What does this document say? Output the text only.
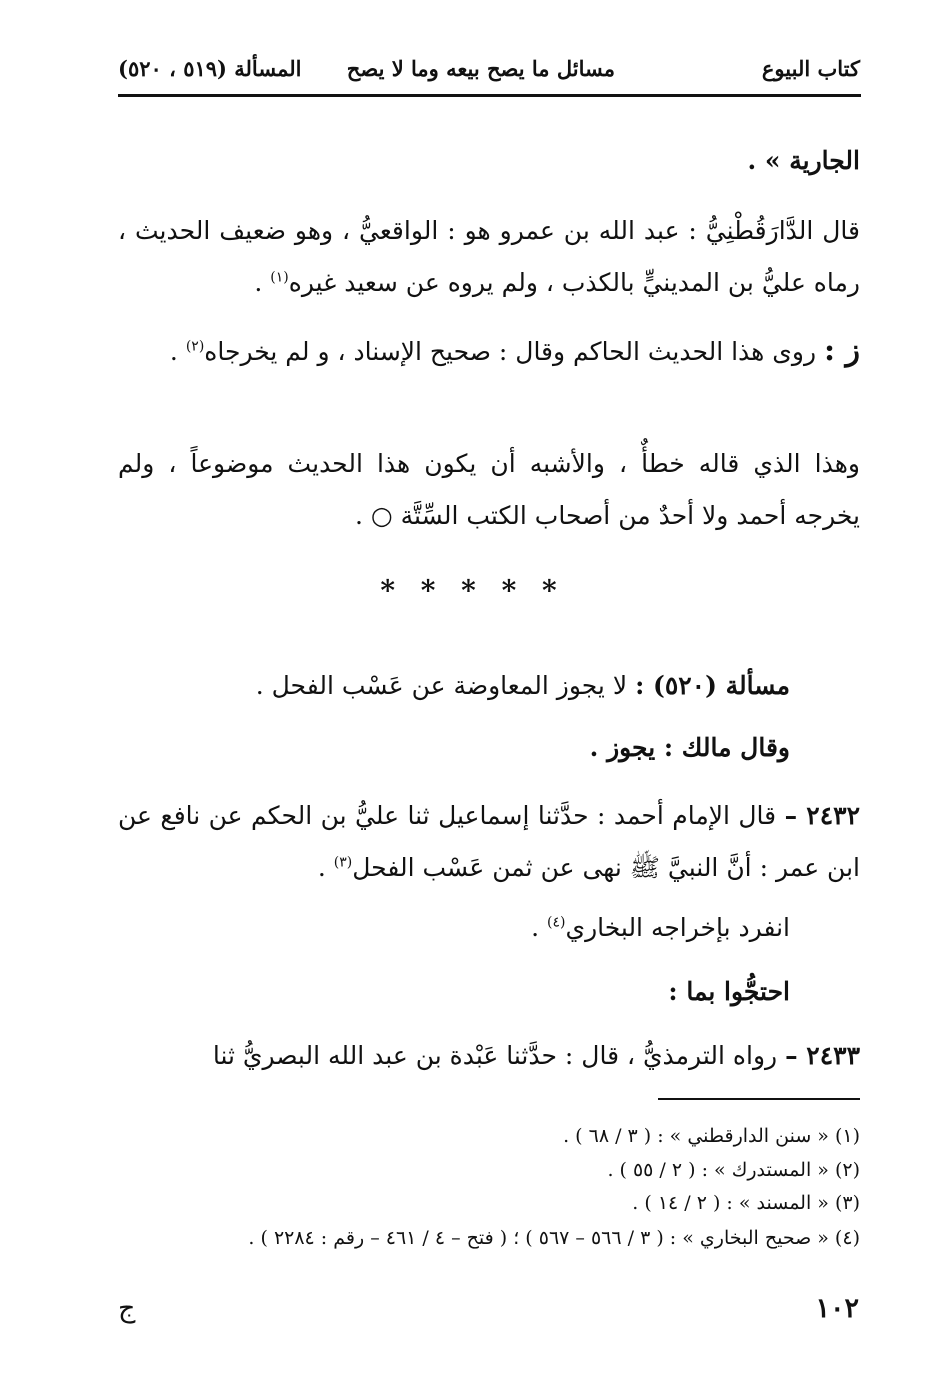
كتاب البيوع
مسائل ما يصح بيعه وما لا يصح
المسألة (٥١٩ ، ٥٢٠)
الجارية » .
قال الدَّارَقُطْنِيُّ : عبد الله بن عمرو هو : الواقعيُّ ، وهو ضعيف الحديث ، رماه عليُّ بن المدينيٍّ بالكذب ، ولم يروه عن سعيد غيره$^{(١)}$ .
ز : روى هذا الحديث الحاكم وقال : صحيح الإسناد ، و لم يخرجاه$^{(٢)}$ .
وهذا الذي قاله خطأٌ ، والأشبه أن يكون هذا الحديث موضوعاً ، ولم يخرجه أحمد ولا أحدٌ من أصحاب الكتب السِّتَّة ○ .
* * * * *
مسألة (٥٢٠) : لا يجوز المعاوضة عن عَسْب الفحل .
وقال مالك : يجوز .
٢٤٣٢ – قال الإمام أحمد : حدَّثنا إسماعيل ثنا عليُّ بن الحكم عن نافع عن ابن عمر : أنَّ النبيَّ ﷺ نهى عن ثمن عَسْب الفحل$^{(٣)}$ .
انفرد بإخراجه البخاري$^{(٤)}$ .
احتجُّوا بما :
٢٤٣٣ – رواه الترمذيُّ ، قال : حدَّثنا عَبْدة بن عبد الله البصريُّ ثنا
(١) « سنن الدارقطني » : ( ٣ / ٦٨ ) .
(٢) « المستدرك » : ( ٢ / ٥٥ ) .
(٣) « المسند » : ( ٢ / ١٤ ) .
(٤) « صحيح البخاري » : ( ٣ / ٥٦٦ – ٥٦٧ ) ؛ ( فتح – ٤ / ٤٦١ – رقم : ٢٢٨٤ ) .
١٠٢
ج
